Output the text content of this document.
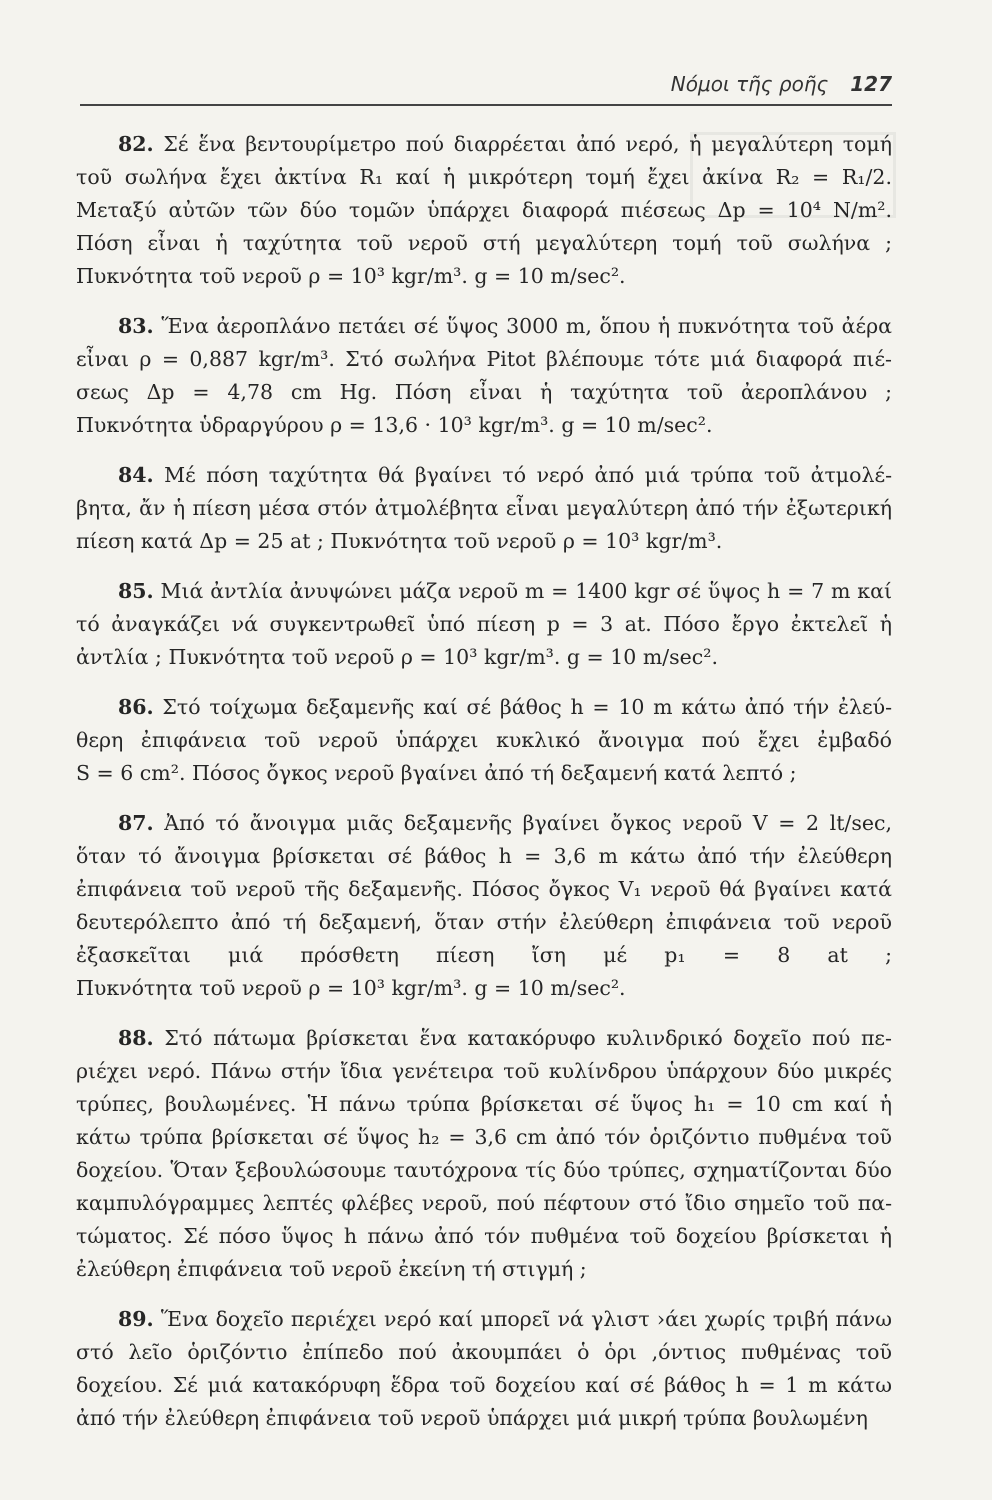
Νόμοι τῆς ροῆς 127
82. Σέ ἕνα βεντουρίμετρο πού διαρρέεται ἀπό νερό, ἡ μεγαλύτερη τομή
τοῦ σωλήνα ἔχει ἀκτίνα R₁ καί ἡ μικρότερη τομή ἔχει ἀκίνα R₂ = R₁/2.
Μεταξύ αὐτῶν τῶν δύο τομῶν ὑπάρχει διαφορά πιέσεως Δp = 10⁴ N/m².
Πόση εἶναι ἡ ταχύτητα τοῦ νεροῦ στή μεγαλύτερη τομή τοῦ σωλήνα ;
Πυκνότητα τοῦ νεροῦ ρ = 10³ kgr/m³. g = 10 m/sec².
83. Ἕνα ἀεροπλάνο πετάει σέ ὕψος 3000 m, ὅπου ἡ πυκνότητα τοῦ ἀέρα
εἶναι ρ = 0,887 kgr/m³. Στό σωλήνα Pitot βλέπουμε τότε μιά διαφορά πιέ-
σεως Δp = 4,78 cm Hg. Πόση εἶναι ἡ ταχύτητα τοῦ ἀεροπλάνου ;
Πυκνότητα ὑδραργύρου ρ = 13,6 · 10³ kgr/m³. g = 10 m/sec².
84. Μέ πόση ταχύτητα θά βγαίνει τό νερό ἀπό μιά τρύπα τοῦ ἀτμολέ-
βητα, ἄν ἡ πίεση μέσα στόν ἀτμολέβητα εἶναι μεγαλύτερη ἀπό τήν ἐξωτερική
πίεση κατά Δp = 25 at ; Πυκνότητα τοῦ νεροῦ ρ = 10³ kgr/m³.
85. Μιά ἀντλία ἀνυψώνει μάζα νεροῦ m = 1400 kgr σέ ὕψος h = 7 m καί
τό ἀναγκάζει νά συγκεντρωθεῖ ὑπό πίεση p = 3 at. Πόσο ἔργο ἐκτελεῖ ἡ
ἀντλία ; Πυκνότητα τοῦ νεροῦ ρ = 10³ kgr/m³. g = 10 m/sec².
86. Στό τοίχωμα δεξαμενῆς καί σέ βάθος h = 10 m κάτω ἀπό τήν ἐλεύ-
θερη ἐπιφάνεια τοῦ νεροῦ ὑπάρχει κυκλικό ἄνοιγμα πού ἔχει ἐμβαδό
S = 6 cm². Πόσος ὄγκος νεροῦ βγαίνει ἀπό τή δεξαμενή κατά λεπτό ;
87. Ἀπό τό ἄνοιγμα μιᾶς δεξαμενῆς βγαίνει ὄγκος νεροῦ V = 2 lt/sec,
ὅταν τό ἄνοιγμα βρίσκεται σέ βάθος h = 3,6 m κάτω ἀπό τήν ἐλεύθερη
ἐπιφάνεια τοῦ νεροῦ τῆς δεξαμενῆς. Πόσος ὄγκος V₁ νεροῦ θά βγαίνει κατά
δευτερόλεπτο ἀπό τή δεξαμενή, ὅταν στήν ἐλεύθερη ἐπιφάνεια τοῦ νεροῦ
ἐξασκεῖται μιά πρόσθετη πίεση ἴση μέ p₁ = 8 at ;
Πυκνότητα τοῦ νεροῦ ρ = 10³ kgr/m³. g = 10 m/sec².
88. Στό πάτωμα βρίσκεται ἕνα κατακόρυφο κυλινδρικό δοχεῖο πού πε-
ριέχει νερό. Πάνω στήν ἴδια γενέτειρα τοῦ κυλίνδρου ὑπάρχουν δύο μικρές
τρύπες, βουλωμένες. Ἡ πάνω τρύπα βρίσκεται σέ ὕψος h₁ = 10 cm καί ἡ
κάτω τρύπα βρίσκεται σέ ὕψος h₂ = 3,6 cm ἀπό τόν ὁριζόντιο πυθμένα τοῦ
δοχείου. Ὅταν ξεβουλώσουμε ταυτόχρονα τίς δύο τρύπες, σχηματίζονται δύο
καμπυλόγραμμες λεπτές φλέβες νεροῦ, πού πέφτουν στό ἴδιο σημεῖο τοῦ πα-
τώματος. Σέ πόσο ὕψος h πάνω ἀπό τόν πυθμένα τοῦ δοχείου βρίσκεται ἡ
ἐλεύθερη ἐπιφάνεια τοῦ νεροῦ ἐκείνη τή στιγμή ;
89. Ἕνα δοχεῖο περιέχει νερό καί μπορεῖ νά γλιστ ›άει χωρίς τριβή πάνω
στό λεῖο ὁριζόντιο ἐπίπεδο πού ἀκουμπάει ὁ ὁρι ,όντιος πυθμένας τοῦ
δοχείου. Σέ μιά κατακόρυφη ἕδρα τοῦ δοχείου καί σέ βάθος h = 1 m κάτω
ἀπό τήν ἐλεύθερη ἐπιφάνεια τοῦ νεροῦ ὑπάρχει μιά μικρή τρύπα βουλωμένη
